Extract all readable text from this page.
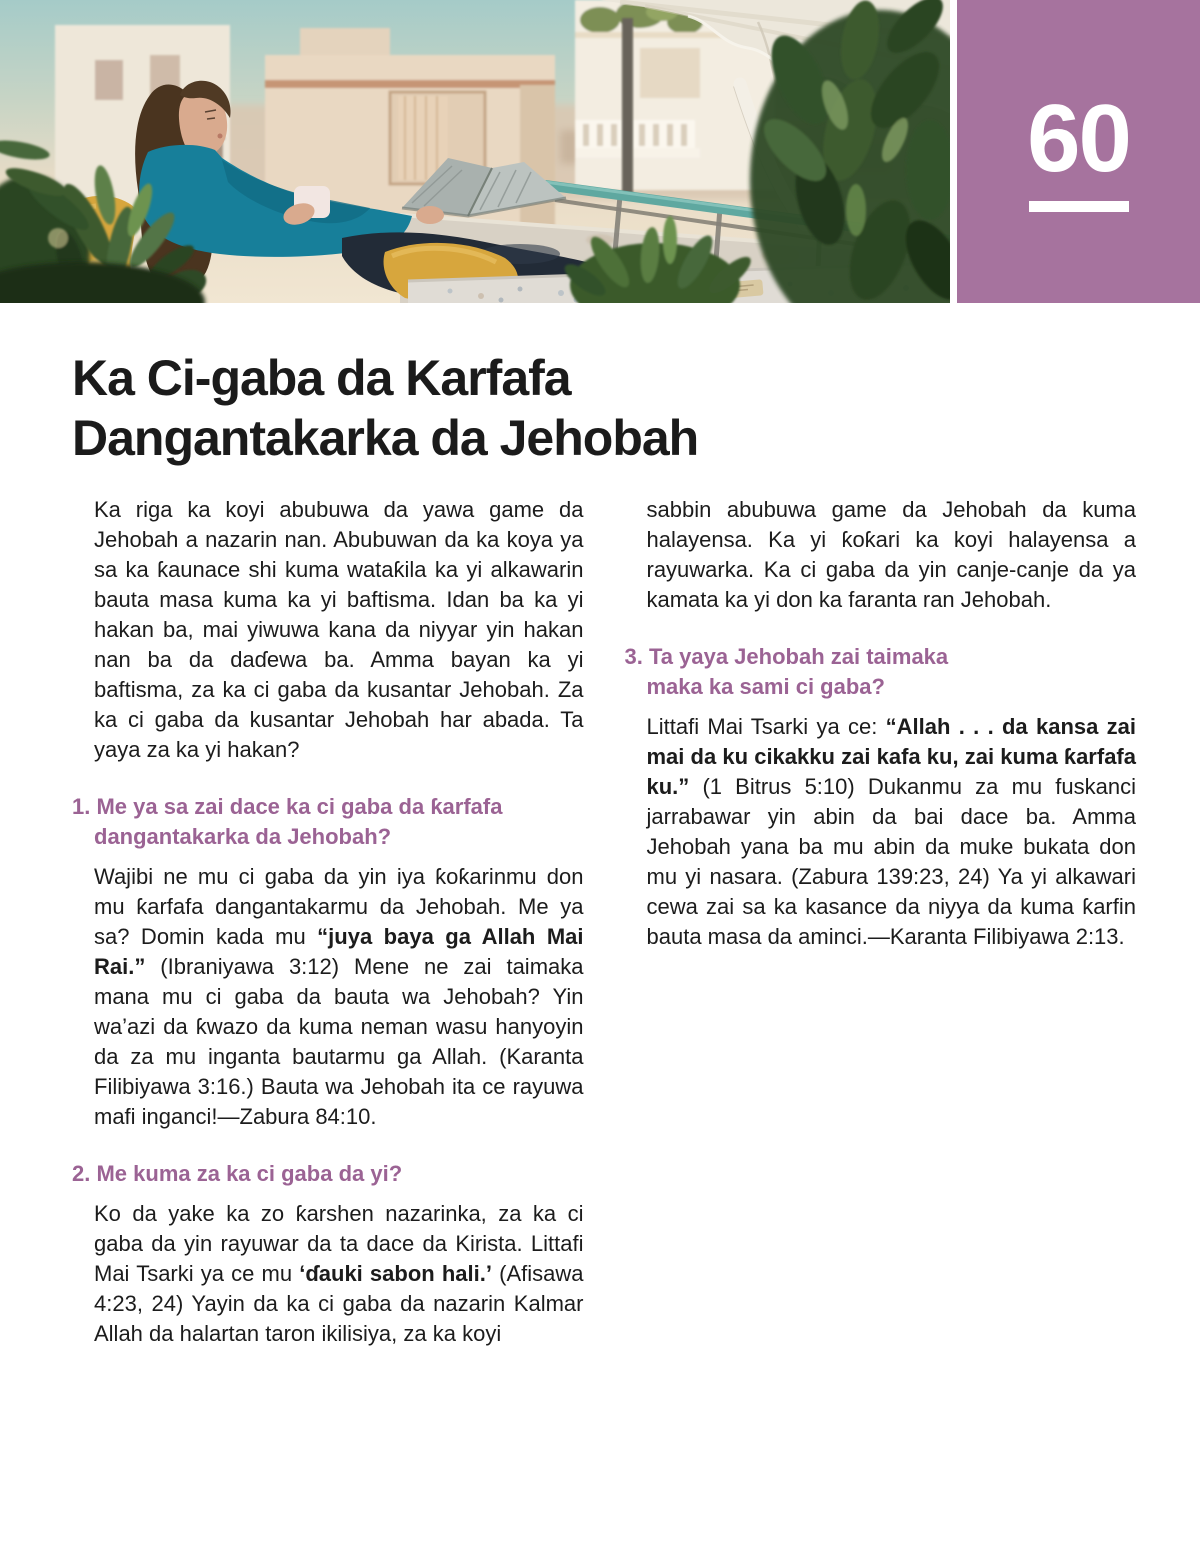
60
Ka Ci-gaba da Karfafa
Dangantakarka da Jehobah

Ka riga ka koyi abubuwa da yawa game da Jehobah a nazarin nan. Abubuwan da ka koya ya sa ka ƙaunace shi kuma wataƙila ka yi alkawarin bauta masa kuma ka yi baftisma. Idan ba ka yi hakan ba, mai yiwuwa kana da niyyar yin hakan nan ba da daɗewa ba. Amma bayan ka yi baftisma, za ka ci gaba da kusantar Jehobah. Za ka ci gaba da kusantar Jehobah har abada. Ta yaya za ka yi hakan?

1. Me ya sa zai dace ka ci gaba da ƙarfafa
dangantakarka da Jehobah?

Wajibi ne mu ci gaba da yin iya ƙoƙarinmu don mu ƙarfafa dangantakarmu da Jehobah. Me ya sa? Domin kada mu “juya baya ga Allah Mai Rai.” (Ibraniyawa 3:12) Mene ne zai taimaka mana mu ci gaba da bauta wa Jehobah? Yin wa’azi da ƙwazo da kuma neman wasu hanyoyin da za mu inganta bautarmu ga Allah. (Karanta Filibiyawa 3:16.) Bauta wa Jehobah ita ce rayuwa mafi inganci!—Zabura 84:10.

2. Me kuma za ka ci gaba da yi?

Ko da yake ka zo ƙarshen nazarinka, za ka ci gaba da yin rayuwar da ta dace da Kirista. Littafi Mai Tsarki ya ce mu ‘ɗauki sabon hali.’ (Afisawa 4:23, 24) Yayin da ka ci gaba da nazarin Kalmar Allah da halartan taron ikilisiya, za ka koyi

sabbin abubuwa game da Jehobah da kuma halayensa. Ka yi ƙoƙari ka koyi halayensa a rayuwarka. Ka ci gaba da yin canje-canje da ya kamata ka yi don ka faranta ran Jehobah.

3. Ta yaya Jehobah zai taimaka
maka ka sami ci gaba?

Littafi Mai Tsarki ya ce: “Allah . . . da kansa zai mai da ku cikakku zai kafa ku, zai kuma ƙarfafa ku.” (1 Bitrus 5:10) Dukanmu za mu fuskanci jarrabawar yin abin da bai dace ba. Amma Jehobah yana ba mu abin da muke bukata don mu yi nasara. (Zabura 139:23, 24) Ya yi alkawari cewa zai sa ka kasance da niyya da kuma ƙarfin bauta masa da aminci.—Karanta Filibiyawa 2:13.
